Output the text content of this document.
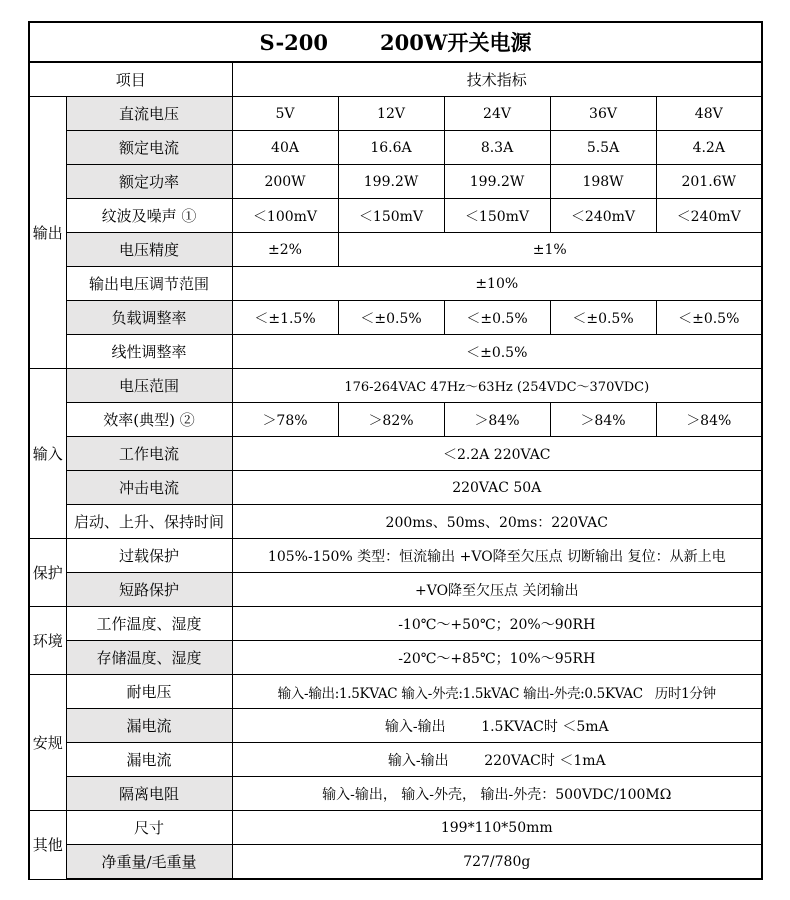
S-200 200W开关电源						
项目		技术指标				
输出	直流电压	5V	12V	24V	36V	48V
	额定电流	40A	16.6A	8.3A	5.5A	4.2A
	额定功率	200W	199.2W	199.2W	198W	201.6W
	纹波及噪声 ①	＜100mV	＜150mV	＜150mV	＜240mV	＜240mV
	电压精度	±2%	±1%			
	输出电压调节范围	±10%				
	负载调整率	＜±1.5%	＜±0.5%	＜±0.5%	＜±0.5%	＜±0.5%
	线性调整率	＜±0.5%				
输入	电压范围	176-264VAC 47Hz～63Hz (254VDC～370VDC)				
	效率(典型) ②	＞78%	＞82%	＞84%	＞84%	＞84%
	工作电流	＜2.2A 220VAC				
	冲击电流	220VAC 50A				
	启动、上升、保持时间	200ms、50ms、20ms：220VAC				
保护	过载保护	105%-150% 类型：恒流输出 +VO降至欠压点 切断输出 复位：从新上电				
	短路保护	+VO降至欠压点 关闭输出				
环境	工作温度、湿度	-10℃～+50℃；20%～90RH				
	存储温度、湿度	-20℃～+85℃；10%～95RH				
安规	耐电压	输入-输出:1.5KVAC 输入-外壳:1.5kVAC 输出-外壳:0.5KVAC   历时1分钟				
	漏电流	输入-输出        1.5KVAC时 ＜5mA				
	漏电流	输入-输出        220VAC时 ＜1mA				
	隔离电阻	输入-输出， 输入-外壳， 输出-外壳：500VDC/100MΩ				
其他	尺寸	199*110*50mm				
	净重量/毛重量	727/780g				
